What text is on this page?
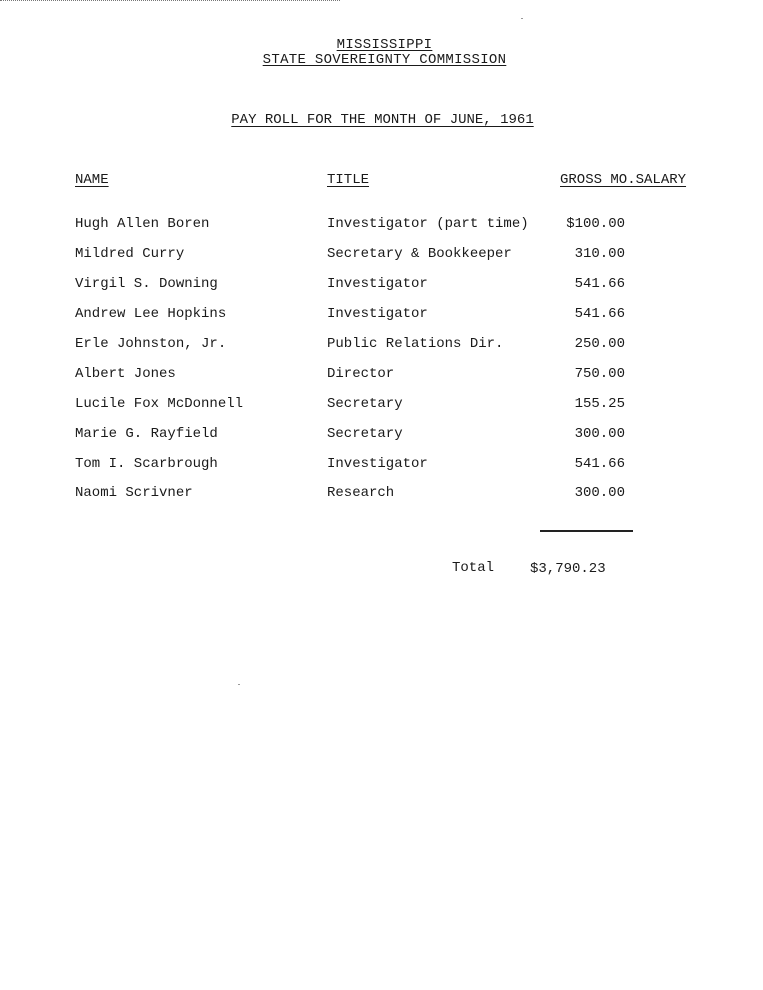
MISSISSIPPI
STATE SOVEREIGNTY COMMISSION
PAY ROLL FOR THE MONTH OF JUNE, 1961
NAME	TITLE	GROSS MO.SALARY
Hugh Allen Boren	Investigator (part time)	$100.00
Mildred Curry	Secretary & Bookkeeper	310.00
Virgil S. Downing	Investigator	541.66
Andrew Lee Hopkins	Investigator	541.66
Erle Johnston, Jr.	Public Relations Dir.	250.00
Albert Jones	Director	750.00
Lucile Fox McDonnell	Secretary	155.25
Marie G. Rayfield	Secretary	300.00
Tom I. Scarbrough	Investigator	541.66
Naomi Scrivner	Research	300.00
Total	$3,790.23
